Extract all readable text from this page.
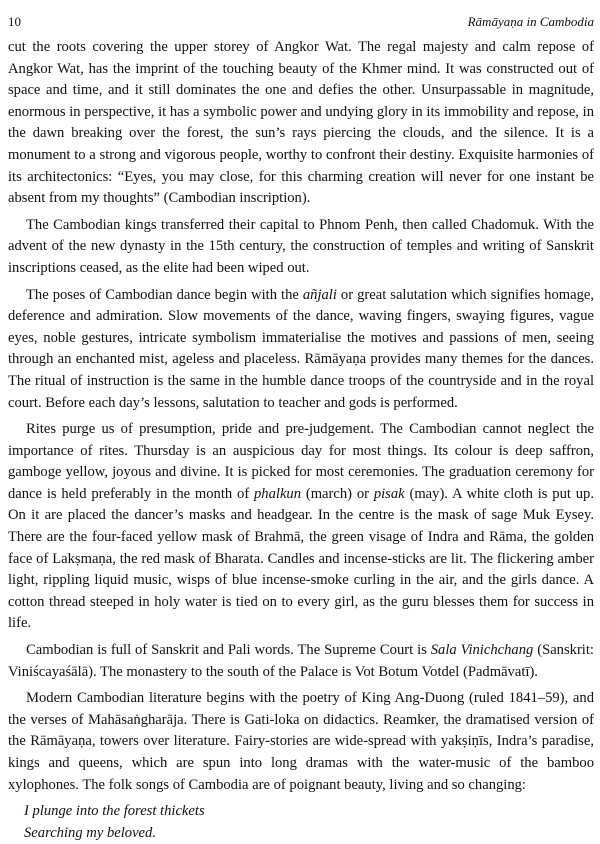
10	Rāmāyaṇa in Cambodia

cut the roots covering the upper storey of Angkor Wat. The regal majesty and calm repose of Angkor Wat, has the imprint of the touching beauty of the Khmer mind. It was constructed out of space and time, and it still dominates the one and defies the other. Unsurpassable in magnitude, enormous in perspective, it has a symbolic power and undying glory in its immobility and repose, in the dawn breaking over the forest, the sun’s rays piercing the clouds, and the silence. It is a monument to a strong and vigorous people, worthy to confront their destiny. Exquisite harmonies of its architectonics: “Eyes, you may close, for this charming creation will never for one instant be absent from my thoughts” (Cambodian inscription).

The Cambodian kings transferred their capital to Phnom Penh, then called Chadomuk. With the advent of the new dynasty in the 15th century, the construction of temples and writing of Sanskrit inscriptions ceased, as the elite had been wiped out.

The poses of Cambodian dance begin with the añjali or great salutation which signifies homage, deference and admiration. Slow movements of the dance, waving fingers, swaying figures, vague eyes, noble gestures, intricate symbolism immaterialise the motives and passions of men, seeing through an enchanted mist, ageless and placeless. Rāmāyaṇa provides many themes for the dances. The ritual of instruction is the same in the humble dance troops of the countryside and in the royal court. Before each day’s lessons, salutation to teacher and gods is performed.

Rites purge us of presumption, pride and pre-judgement. The Cambodian cannot neglect the importance of rites. Thursday is an auspicious day for most things. Its colour is deep saffron, gamboge yellow, joyous and divine. It is picked for most ceremonies. The graduation ceremony for dance is held preferably in the month of phalkun (march) or pisak (may). A white cloth is put up. On it are placed the dancer’s masks and headgear. In the centre is the mask of sage Muk Eysey. There are the four-faced yellow mask of Brahmā, the green visage of Indra and Rāma, the golden face of Lakṣmaṇa, the red mask of Bharata. Candles and incense-sticks are lit. The flickering amber light, rippling liquid music, wisps of blue incense-smoke curling in the air, and the girls dance. A cotton thread steeped in holy water is tied on to every girl, as the guru blesses them for success in life.

Cambodian is full of Sanskrit and Pali words. The Supreme Court is Sala Vinichchang (Sanskrit: Viniścayaśālā). The monastery to the south of the Palace is Vot Botum Votdel (Padmāvatī).

Modern Cambodian literature begins with the poetry of King Ang-Duong (ruled 1841–59), and the verses of Mahāsaṅgharāja. There is Gati-loka on didactics. Reamker, the dramatised version of the Rāmāyaṇa, towers over literature. Fairy-stories are wide-spread with yakṣiṇīs, Indra’s paradise, kings and queens, which are spun into long dramas with the water-music of the bamboo xylophones. The folk songs of Cambodia are of poignant beauty, living and so changing:

I plunge into the forest thickets
Searching my beloved.
